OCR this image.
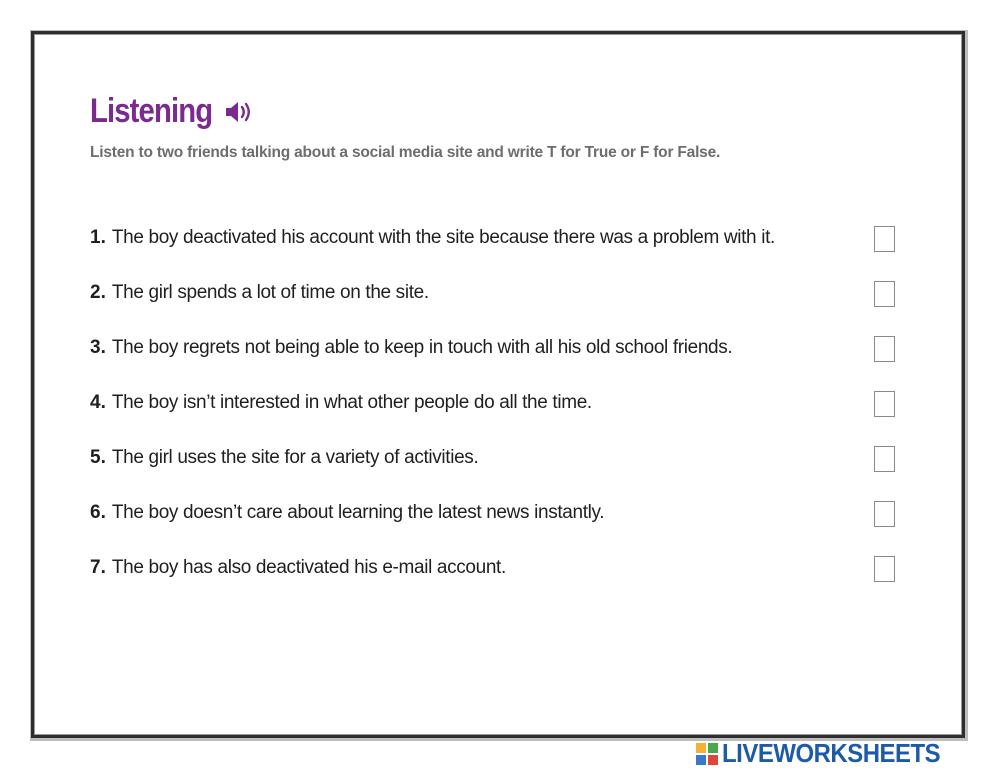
Listening
Listen to two friends talking about a social media site and write T for True or F for False.
1. The boy deactivated his account with the site because there was a problem with it.
2. The girl spends a lot of time on the site.
3. The boy regrets not being able to keep in touch with all his old school friends.
4. The boy isn’t interested in what other people do all the time.
5. The girl uses the site for a variety of activities.
6. The boy doesn’t care about learning the latest news instantly.
7. The boy has also deactivated his e-mail account.
LIVEWORKSHEETS
